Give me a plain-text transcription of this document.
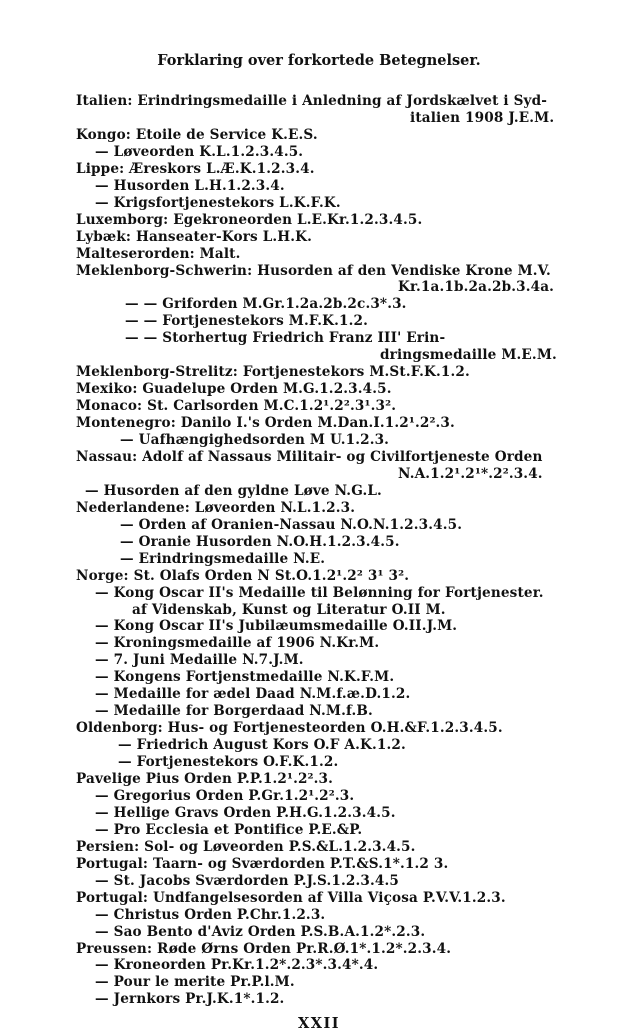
Forklaring over forkortede Betegnelser.
Italien: Erindringsmedaille i Anledning af Jordskælvet i Syd-
italien 1908 J.E.M.
Kongo: Etoile de Service K.E.S.
— Løveorden K.L.1.2.3.4.5.
Lippe: Æreskors L.Æ.K.1.2.3.4.
— Husorden L.H.1.2.3.4.
— Krigsfortjenestekors L.K.F.K.
Luxemborg: Egekroneorden L.E.Kr.1.2.3.4.5.
Lybæk: Hanseater-Kors L.H.K.
Malteserorden: Malt.
Meklenborg-Schwerin: Husorden af den Vendiske Krone M.V.
Kr.1a.1b.2a.2b.3.4a.
— — Griforden M.Gr.1.2a.2b.2c.3*.3.
— — Fortjenestekors M.F.K.1.2.
— — Storhertug Friedrich Franz III' Erin-
dringsmedaille M.E.M.
Meklenborg-Strelitz: Fortjenestekors M.St.F.K.1.2.
Mexiko: Guadelupe Orden M.G.1.2.3.4.5.
Monaco: St. Carlsorden M.C.1.2¹.2².3¹.3².
Montenegro: Danilo I.'s Orden M.Dan.I.1.2¹.2².3.
— Uafhængighedsorden M U.1.2.3.
Nassau: Adolf af Nassaus Militair- og Civilfortjeneste Orden
N.A.1.2¹.2¹*.2².3.4.
— Husorden af den gyldne Løve N.G.L.
Nederlandene: Løveorden N.L.1.2.3.
— Orden af Oranien-Nassau N.O.N.1.2.3.4.5.
— Oranie Husorden N.O.H.1.2.3.4.5.
— Erindringsmedaille N.E.
Norge: St. Olafs Orden N St.O.1.2¹.2² 3¹ 3².
— Kong Oscar II's Medaille til Belønning for Fortjenester.
af Videnskab, Kunst og Literatur O.II M.
— Kong Oscar II's Jubilæumsmedaille O.II.J.M.
— Kroningsmedaille af 1906 N.Kr.M.
— 7. Juni Medaille N.7.J.M.
— Kongens Fortjenstmedaille N.K.F.M.
— Medaille for ædel Daad N.M.f.æ.D.1.2.
— Medaille for Borgerdaad N.M.f.B.
Oldenborg: Hus- og Fortjenesteorden O.H.&F.1.2.3.4.5.
— Friedrich August Kors O.F A.K.1.2.
— Fortjenestekors O.F.K.1.2.
Pavelige Pius Orden P.P.1.2¹.2².3.
— Gregorius Orden P.Gr.1.2¹.2².3.
— Hellige Gravs Orden P.H.G.1.2.3.4.5.
— Pro Ecclesia et Pontifice P.E.&P.
Persien: Sol- og Løveorden P.S.&L.1.2.3.4.5.
Portugal: Taarn- og Sværdorden P.T.&S.1*.1.2 3.
— St. Jacobs Sværdorden P.J.S.1.2.3.4.5
Portugal: Undfangelsesorden af Villa Viçosa P.V.V.1.2.3.
— Christus Orden P.Chr.1.2.3.
— Sao Bento d'Aviz Orden P.S.B.A.1.2*.2.3.
Preussen: Røde Ørns Orden Pr.R.Ø.1*.1.2*.2.3.4.
— Kroneorden Pr.Kr.1.2*.2.3*.3.4*.4.
— Pour le merite Pr.P.l.M.
— Jernkors Pr.J.K.1*.1.2.
XXII
